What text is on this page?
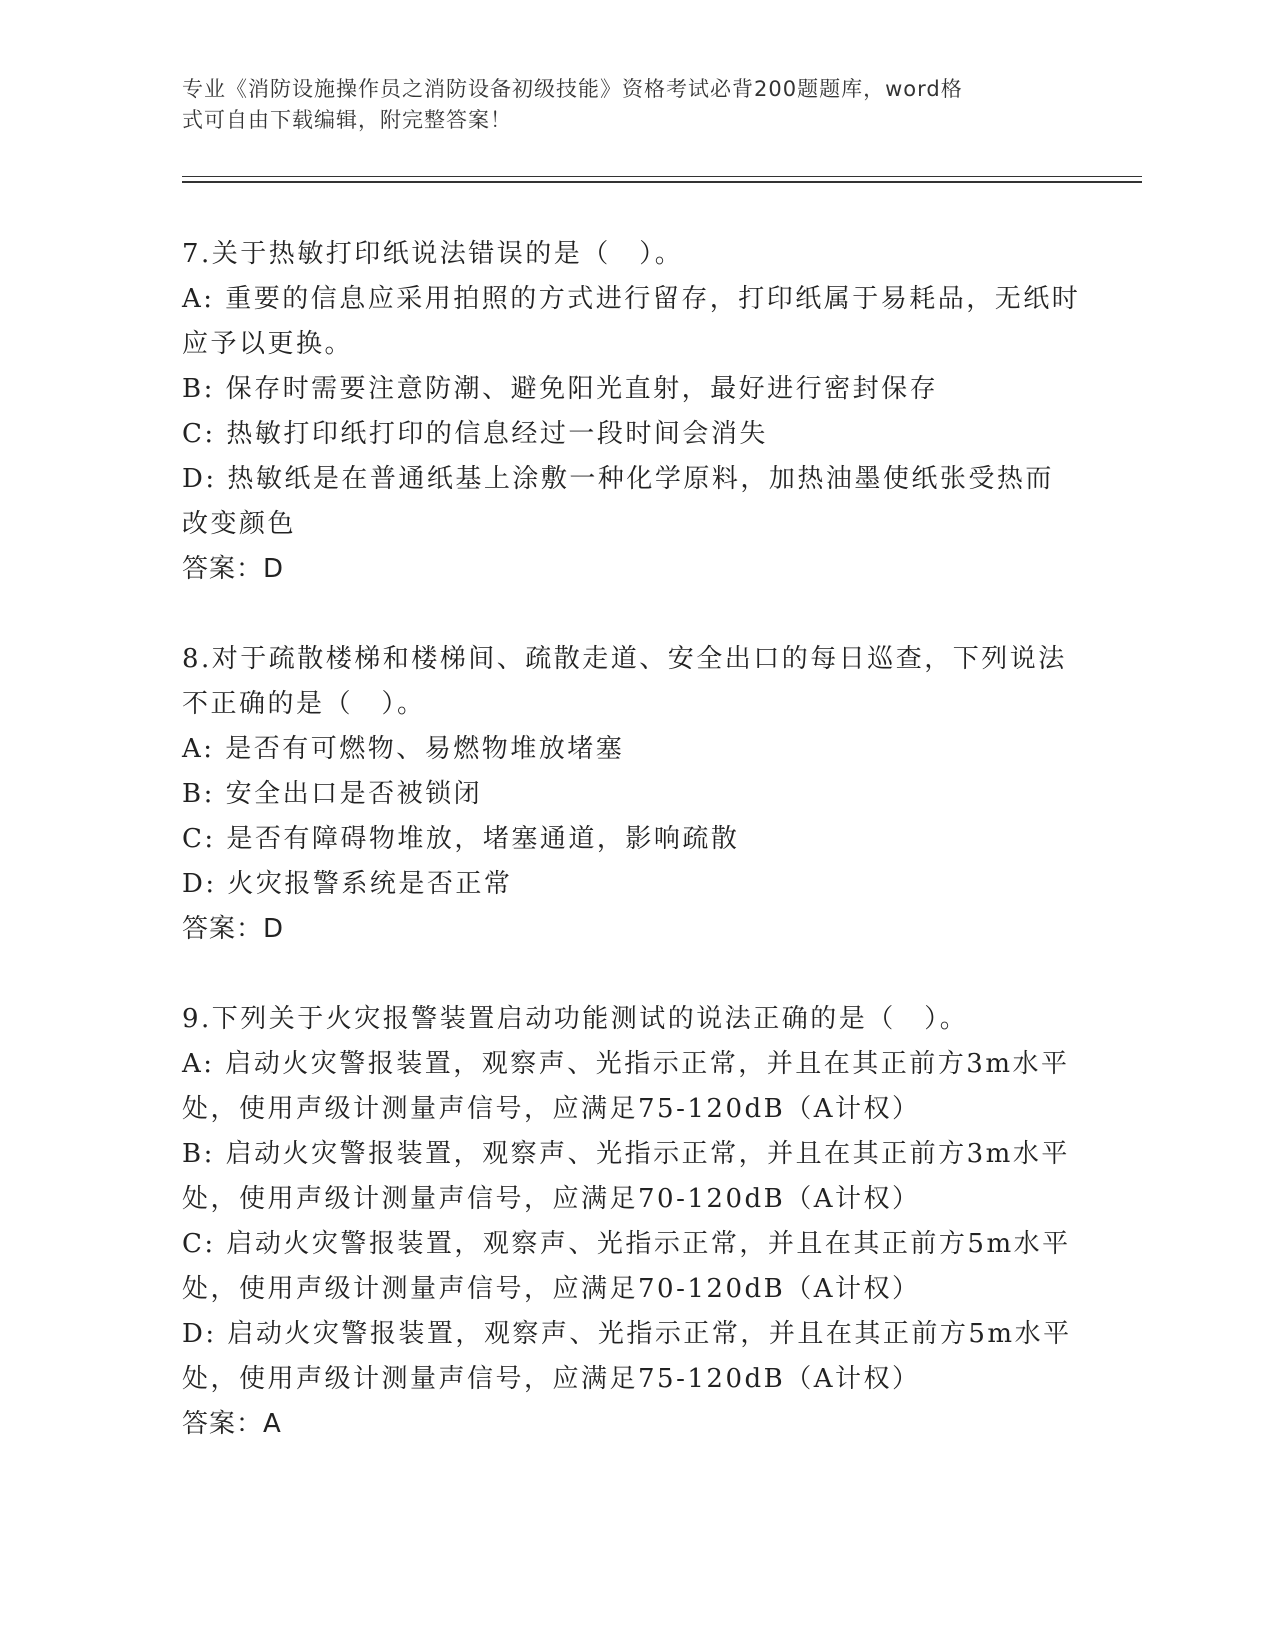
专业《消防设施操作员之消防设备初级技能》资格考试必背200题题库，word格
式可自由下载编辑，附完整答案！

7.关于热敏打印纸说法错误的是（　）。

A: 重要的信息应采用拍照的方式进行留存，打印纸属于易耗品，无纸时应予以更换。

B: 保存时需要注意防潮、避免阳光直射，最好进行密封保存

C: 热敏打印纸打印的信息经过一段时间会消失

D: 热敏纸是在普通纸基上涂敷一种化学原料，加热油墨使纸张受热而改变颜色

答案：D

8.对于疏散楼梯和楼梯间、疏散走道、安全出口的每日巡查，下列说法不正确的是（　）。

A: 是否有可燃物、易燃物堆放堵塞

B: 安全出口是否被锁闭

C: 是否有障碍物堆放，堵塞通道，影响疏散

D: 火灾报警系统是否正常

答案：D

9.下列关于火灾报警装置启动功能测试的说法正确的是（　）。

A: 启动火灾警报装置，观察声、光指示正常，并且在其正前方3m水平处，使用声级计测量声信号，应满足75-120dB（A计权）

B: 启动火灾警报装置，观察声、光指示正常，并且在其正前方3m水平处，使用声级计测量声信号，应满足70-120dB（A计权）

C: 启动火灾警报装置，观察声、光指示正常，并且在其正前方5m水平处，使用声级计测量声信号，应满足70-120dB（A计权）

D: 启动火灾警报装置，观察声、光指示正常，并且在其正前方5m水平处，使用声级计测量声信号，应满足75-120dB（A计权）

答案：A
